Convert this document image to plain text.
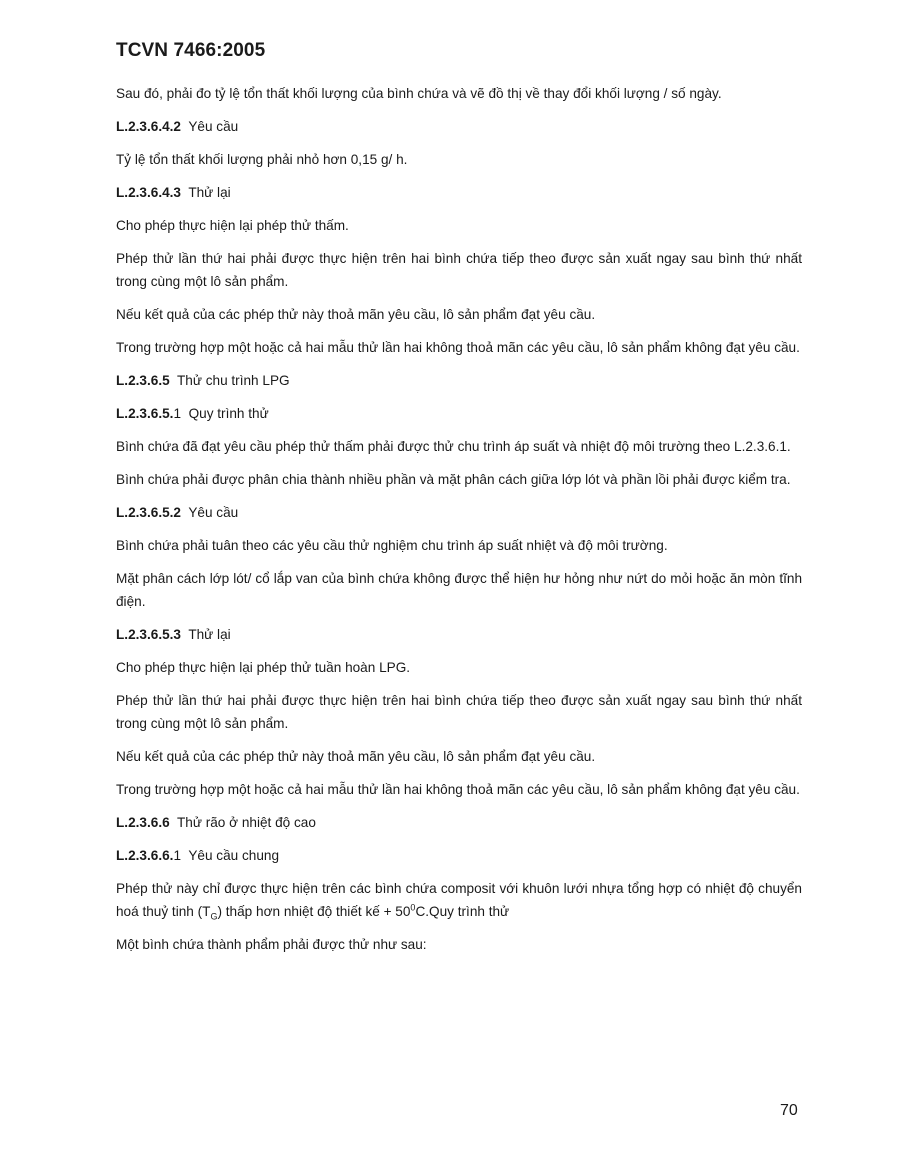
TCVN 7466:2005

Sau đó, phải đo tỷ lệ tổn thất khối lượng của bình chứa và vẽ đồ thị về thay đổi khối lượng / số ngày.

L.2.3.6.4.2 Yêu cầu

Tỷ lệ tổn thất khối lượng phải nhỏ hơn 0,15 g/ h.

L.2.3.6.4.3 Thử lại

Cho phép thực hiện lại phép thử thấm.

Phép thử lần thứ hai phải được thực hiện trên hai bình chứa tiếp theo được sản xuất ngay sau bình thứ nhất trong cùng một lô sản phẩm.

Nếu kết quả của các phép thử này thoả mãn yêu cầu, lô sản phẩm đạt yêu cầu.

Trong trường hợp một hoặc cả hai mẫu thử lần hai không thoả mãn các yêu cầu, lô sản phẩm không đạt yêu cầu.

L.2.3.6.5 Thử chu trình LPG

L.2.3.6.5.1 Quy trình thử

Bình chứa đã đạt yêu cầu phép thử thấm phải được thử chu trình áp suất và nhiệt độ môi trường theo L.2.3.6.1.

Bình chứa phải được phân chia thành nhiều phần và mặt phân cách giữa lớp lót và phần lồi phải được kiểm tra.

L.2.3.6.5.2 Yêu cầu

Bình chứa phải tuân theo các yêu cầu thử nghiệm chu trình áp suất nhiệt và độ môi trường.

Mặt phân cách lớp lót/ cổ lắp van của bình chứa không được thể hiện hư hỏng như nứt do mỏi hoặc ăn mòn tĩnh điện.

L.2.3.6.5.3 Thử lại

Cho phép thực hiện lại phép thử tuần hoàn LPG.

Phép thử lần thứ hai phải được thực hiện trên hai bình chứa tiếp theo được sản xuất ngay sau bình thứ nhất trong cùng một lô sản phẩm.

Nếu kết quả của các phép thử này thoả mãn yêu cầu, lô sản phẩm đạt yêu cầu.

Trong trường hợp một hoặc cả hai mẫu thử lần hai không thoả mãn các yêu cầu, lô sản phẩm không đạt yêu cầu.

L.2.3.6.6 Thử rão ở nhiệt độ cao

L.2.3.6.6.1 Yêu cầu chung

Phép thử này chỉ được thực hiện trên các bình chứa composit với khuôn lưới nhựa tổng hợp có nhiệt độ chuyển hoá thuỷ tinh $(T_G)$ thấp hơn nhiệt độ thiết kế + $50^0C.Quy$ trình thử

Một bình chứa thành phẩm phải được thử như sau:

70
